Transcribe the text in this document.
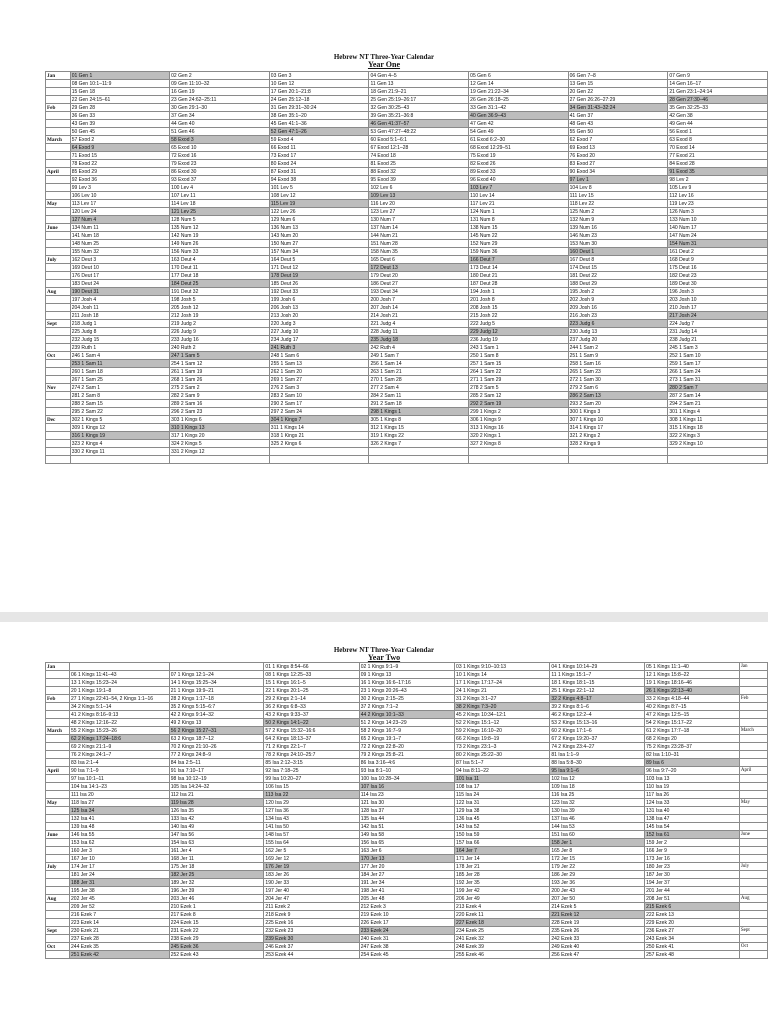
Hebrew NT Three-Year Calendar
Year One
Jan	01 Gen 1	02 Gen 2	03 Gen 3	04 Gen 4–5	05 Gen 6	06 Gen 7–8	07 Gen 9
	08 Gen 10:1–11:9	09 Gen 11:10–32	10 Gen 12	11 Gen 13	12 Gen 14	13 Gen 15	14 Gen 16–17
	15 Gen 18	16 Gen 19	17 Gen 20:1–21:8	18 Gen 21:9–21	19 Gen 21:22–34	20 Gen 22	21 Gen 23:1–24:14
	22 Gen 24:15–61	23 Gen 24:62–25:11	24 Gen 25:12–18	25 Gen 25:19–26:17	26 Gen 26:18–25	27 Gen 26:26–27:29	28 Gen 27:30–46
Feb	29 Gen 28	30 Gen 29:1–30	31 Gen 29:31–30:24	32 Gen 30:25–43	33 Gen 31:1–42	34 Gen 31:43–32:24	35 Gen 32:25–33
	36 Gen 33	37 Gen 34	38 Gen 35:1–20	39 Gen 35:21–36:8	40 Gen 36:9–43	41 Gen 37	42 Gen 38
	43 Gen 39	44 Gen 40	45 Gen 41:1–36	46 Gen 41:37–57	47 Gen 42	48 Gen 43	49 Gen 44
	50 Gen 45	51 Gen 46	52 Gen 47:1–26	53 Gen 47:27–48:22	54 Gen 49	55 Gen 50	56 Exod 1
March	57 Exod 2	58 Exod 3	59 Exod 4	60 Exod 5:1–6:1	61 Exod 6:2–30	62 Exod 7	63 Exod 8
	64 Exod 9	65 Exod 10	66 Exod 11	67 Exod 12:1–28	68 Exod 12:29–51	69 Exod 13	70 Exod 14
	71 Exod 15	72 Exod 16	73 Exod 17	74 Exod 18	75 Exod 19	76 Exod 20	77 Exod 21
	78 Exod 22	79 Exod 23	80 Exod 24	81 Exod 25	82 Exod 26	83 Exod 27	84 Exod 28
April	85 Exod 29	86 Exod 30	87 Exod 31	88 Exod 32	89 Exod 33	90 Exod 34	91 Exod 35
	92 Exod 36	93 Exod 37	94 Exod 38	95 Exod 39	96 Exod 40	97 Lev 1	98 Lev 2
	99 Lev 3	100 Lev 4	101 Lev 5	102 Lev 6	103 Lev 7	104 Lev 8	105 Lev 9
	106 Lev 10	107 Lev 11	108 Lev 12	109 Lev 13	110 Lev 14	111 Lev 15	112 Lev 16
May	113 Lev 17	114 Lev 18	115 Lev 19	116 Lev 20	117 Lev 21	118 Lev 22	119 Lev 23
	120 Lev 24	121 Lev 25	122 Lev 26	123 Lev 27	124 Num 1	125 Num 2	126 Num 3
	127 Num 4	128 Num 5	129 Num 6	130 Num 7	131 Num 8	132 Num 9	133 Num 10
June	134 Num 11	135 Num 12	136 Num 13	137 Num 14	138 Num 15	139 Num 16	140 Num 17
	141 Num 18	142 Num 19	143 Num 20	144 Num 21	145 Num 22	146 Num 23	147 Num 24
	148 Num 25	149 Num 26	150 Num 27	151 Num 28	152 Num 29	153 Num 30	154 Num 31
	155 Num 32	156 Num 33	157 Num 34	158 Num 35	159 Num 36	160 Deut 1	161 Deut 2
July	162 Deut 3	163 Deut 4	164 Deut 5	165 Deut 6	166 Deut 7	167 Deut 8	168 Deut 9
	169 Deut 10	170 Deut 11	171 Deut 12	172 Deut 13	173 Deut 14	174 Deut 15	175 Deut 16
	176 Deut 17	177 Deut 18	178 Deut 19	179 Deut 20	180 Deut 21	181 Deut 22	182 Deut 23
	183 Deut 24	184 Deut 25	185 Deut 26	186 Deut 27	187 Deut 28	188 Deut 29	189 Deut 30
Aug	190 Deut 31	191 Deut 32	192 Deut 33	193 Deut 34	194 Josh 1	195 Josh 2	196 Josh 3
	197 Josh 4	198 Josh 5	199 Josh 6	200 Josh 7	201 Josh 8	202 Josh 9	203 Josh 10
	204 Josh 11	205 Josh 12	206 Josh 13	207 Josh 14	208 Josh 15	209 Josh 16	210 Josh 17
	211 Josh 18	212 Josh 19	213 Josh 20	214 Josh 21	215 Josh 22	216 Josh 23	217 Josh 24
Sept	218 Judg 1	219 Judg 2	220 Judg 3	221 Judg 4	222 Judg 5	223 Judg 6	224 Judg 7
	225 Judg 8	226 Judg 9	227 Judg 10	228 Judg 11	229 Judg 12	230 Judg 13	231 Judg 14
	232 Judg 15	233 Judg 16	234 Judg 17	235 Judg 18	236 Judg 19	237 Judg 20	238 Judg 21
	239 Ruth 1	240 Ruth 2	241 Ruth 3	242 Ruth 4	243 1 Sam 1	244 1 Sam 2	245 1 Sam 3
Oct	246 1 Sam 4	247 1 Sam 5	248 1 Sam 6	249 1 Sam 7	250 1 Sam 8	251 1 Sam 9	252 1 Sam 10
	253 1 Sam 11	254 1 Sam 12	255 1 Sam 13	256 1 Sam 14	257 1 Sam 15	258 1 Sam 16	259 1 Sam 17
	260 1 Sam 18	261 1 Sam 19	262 1 Sam 20	263 1 Sam 21	264 1 Sam 22	265 1 Sam 23	266 1 Sam 24
	267 1 Sam 25	268 1 Sam 26	269 1 Sam 27	270 1 Sam 28	271 1 Sam 29	272 1 Sam 30	273 1 Sam 31
Nov	274 2 Sam 1	275 2 Sam 2	276 2 Sam 3	277 2 Sam 4	278 2 Sam 5	279 2 Sam 6	280 2 Sam 7
	281 2 Sam 8	282 2 Sam 9	283 2 Sam 10	284 2 Sam 11	285 2 Sam 12	286 2 Sam 13	287 2 Sam 14
	288 2 Sam 15	289 2 Sam 16	290 2 Sam 17	291 2 Sam 18	292 2 Sam 19	293 2 Sam 20	294 2 Sam 21
	295 2 Sam 22	296 2 Sam 23	297 2 Sam 24	298 1 Kings 1	299 1 Kings 2	300 1 Kings 3	301 1 Kings 4
Dec	302 1 Kings 5	303 1 Kings 6	304 1 Kings 7	305 1 Kings 8	306 1 Kings 9	307 1 Kings 10	308 1 Kings 11
	309 1 Kings 12	310 1 Kings 13	311 1 Kings 14	312 1 Kings 15	313 1 Kings 16	314 1 Kings 17	315 1 Kings 18
	316 1 Kings 19	317 1 Kings 20	318 1 Kings 21	319 1 Kings 22	320 2 Kings 1	321 2 Kings 2	322 2 Kings 3
	323 2 Kings 4	324 2 Kings 5	325 2 Kings 6	326 2 Kings 7	327 2 Kings 8	328 2 Kings 9	329 2 Kings 10
	330 2 Kings 11	331 2 Kings 12					

Hebrew NT Three-Year Calendar
Year Two
Jan			01 1 Kings 8:54–66	02 1 Kings 9:1–9	03 1 Kings 9:10–10:13	04 1 Kings 10:14–29	05 1 Kings 11:1–40	Jan
	06 1 Kings 11:41–43	07 1 Kings 12:1–24	08 1 Kings 12:25–33	09 1 Kings 13	10 1 Kings 14	11 1 Kings 15:1–7	12 1 Kings 15:8–22	
	13 1 Kings 15:23–24	14 1 Kings 15:25–34	15 1 Kings 16:1–5	16 1 Kings 16:6–17:16	17 1 Kings 17:17–24	18 1 Kings 18:1–15	19 1 Kings 18:16–46	
	20 1 Kings 19:1–8	21 1 Kings 19:9–21	22 1 Kings 20:1–25	23 1 Kings 20:26–43	24 1 Kings 21	25 1 Kings 22:1–12	26 1 Kings 22:13–40	
Feb	27 1 Kings 22:41–54, 2 Kings 1:1–16	28 2 Kings 1:17–18	29 2 Kings 2:1–14	30 2 Kings 2:15–25	31 2 Kings 3:1–27	32 2 Kings 4:8–17	33 2 Kings 4:18–44	Feb
	34 2 Kings 5:1–14	35 2 Kings 5:15–6:7	36 2 Kings 6:8–33	37 2 Kings 7:1–2	38 2 Kings 7:3–20	39 2 Kings 8:1–6	40 2 Kings 8:7–15	
	41 2 Kings 8:16–9:13	42 2 Kings 9:14–32	43 2 Kings 9:33–37	44 2 Kings 10:1–33	45 2 Kings 10:34–12:1	46 2 Kings 12:2–4	47 2 Kings 12:5–15	
	48 2 Kings 12:16–22	49 2 Kings 13	50 2 Kings 14:1–22	51 2 Kings 14:23–29	52 2 Kings 15:1–12	53 2 Kings 15:13–16	54 2 Kings 15:17–22	
March	55 2 Kings 15:23–26	56 2 Kings 15:27–31	57 2 Kings 15:32–16:6	58 2 Kings 16:7–9	59 2 Kings 16:10–20	60 2 Kings 17:1–6	61 2 Kings 17:7–18	March
	62 2 Kings 17:24–18:6	63 2 Kings 18:7–12	64 2 Kings 18:13–37	65 2 Kings 19:1–7	66 2 Kings 19:8–19	67 2 Kings 19:20–37	68 2 Kings 20	
	69 2 Kings 21:1–9	70 2 Kings 21:10–26	71 2 Kings 22:1–7	72 2 Kings 22:8–20	73 2 Kings 23:1–3	74 2 Kings 23:4–27	75 2 Kings 23:28–37	
	76 2 Kings 24:1–7	77 2 Kings 24:8–9	78 2 Kings 24:10–25:7	79 2 Kings 25:8–21	80 2 Kings 25:22–30	81 Isa 1:1–9	82 Isa 1:10–31	
	83 Isa 2:1–4	84 Isa 2:5–11	85 Isa 2:12–3:15	86 Isa 3:16–4:6	87 Isa 5:1–7	88 Isa 5:8–30	89 Isa 6	
April	90 Isa 7:1–9	91 Isa 7:10–17	92 Isa 7:18–25	93 Isa 8:1–10	94 Isa 8:11–22	95 Isa 9:1–6	96 Isa 9:7–20	April
	97 Isa 10:1–11	98 Isa 10:12–19	99 Isa 10:20–27	100 Isa 10:28–34	101 Isa 11	102 Isa 12	103 Isa 13	
	104 Isa 14:1–23	105 Isa 14:24–32	106 Isa 15	107 Isa 16	108 Isa 17	109 Isa 18	110 Isa 19	
	111 Isa 20	112 Isa 21	113 Isa 22	114 Isa 23	115 Isa 24	116 Isa 25	117 Isa 26	
May	118 Isa 27	119 Isa 28	120 Isa 29	121 Isa 30	122 Isa 31	123 Isa 32	124 Isa 33	May
	125 Isa 34	126 Isa 35	127 Isa 36	128 Isa 37	129 Isa 38	130 Isa 39	131 Isa 40	
	132 Isa 41	133 Isa 42	134 Isa 43	135 Isa 44	136 Isa 45	137 Isa 46	138 Isa 47	
	139 Isa 48	140 Isa 49	141 Isa 50	142 Isa 51	143 Isa 52	144 Isa 53	145 Isa 54	
June	146 Isa 55	147 Isa 56	148 Isa 57	149 Isa 58	150 Isa 59	151 Isa 60	152 Isa 61	June
	153 Isa 62	154 Isa 63	155 Isa 64	156 Isa 65	157 Isa 66	158 Jer 1	159 Jer 2	
	160 Jer 3	161 Jer 4	162 Jer 5	163 Jer 6	164 Jer 7	165 Jer 8	166 Jer 9	
	167 Jer 10	168 Jer 11	169 Jer 12	170 Jer 13	171 Jer 14	172 Jer 15	173 Jer 16	
July	174 Jer 17	175 Jer 18	176 Jer 19	177 Jer 20	178 Jer 21	179 Jer 22	180 Jer 23	July
	181 Jer 24	182 Jer 25	183 Jer 26	184 Jer 27	185 Jer 28	186 Jer 29	187 Jer 30	
	188 Jer 31	189 Jer 32	190 Jer 33	191 Jer 34	192 Jer 35	193 Jer 36	194 Jer 37	
	195 Jer 38	196 Jer 39	197 Jer 40	198 Jer 41	199 Jer 42	200 Jer 43	201 Jer 44	
Aug	202 Jer 45	203 Jer 46	204 Jer 47	205 Jer 48	206 Jer 49	207 Jer 50	208 Jer 51	Aug
	209 Jer 52	210 Ezek 1	211 Ezek 2	212 Ezek 3	213 Ezek 4	214 Ezek 5	215 Ezek 6	
	216 Ezek 7	217 Ezek 8	218 Ezek 9	219 Ezek 10	220 Ezek 11	221 Ezek 12	222 Ezek 13	
	223 Ezek 14	224 Ezek 15	225 Ezek 16	226 Ezek 17	227 Ezek 18	228 Ezek 19	229 Ezek 20	
Sept	230 Ezek 21	231 Ezek 22	232 Ezek 23	233 Ezek 24	234 Ezek 25	235 Ezek 26	236 Ezek 27	Sept
	237 Ezek 28	238 Ezek 29	239 Ezek 30	240 Ezek 31	241 Ezek 32	242 Ezek 33	243 Ezek 34	
Oct	244 Ezek 35	245 Ezek 36	246 Ezek 37	247 Ezek 38	248 Ezek 39	249 Ezek 40	250 Ezek 41	Oct
	251 Ezek 42	252 Ezek 43	253 Ezek 44	254 Ezek 45	255 Ezek 46	256 Ezek 47	257 Ezek 48	
